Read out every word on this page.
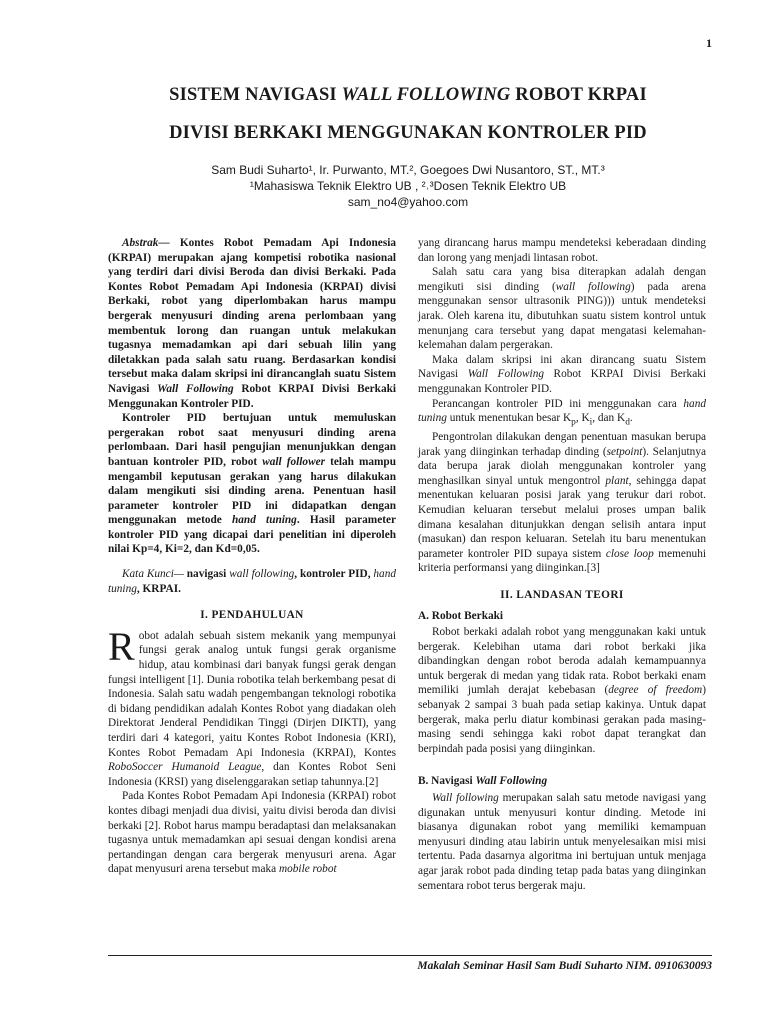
1
SISTEM NAVIGASI WALL FOLLOWING ROBOT KRPAI
DIVISI BERKAKI MENGGUNAKAN KONTROLER PID
Sam Budi Suharto¹, Ir. Purwanto, MT.², Goegoes Dwi Nusantoro, ST., MT.³
¹Mahasiswa Teknik Elektro UB , ²˒³Dosen Teknik Elektro UB
sam_no4@yahoo.com

Abstrak— Kontes Robot Pemadam Api Indonesia (KRPAI) merupakan ajang kompetisi robotika nasional yang terdiri dari divisi Beroda dan divisi Berkaki. Pada Kontes Robot Pemadam Api Indonesia (KRPAI) divisi Berkaki, robot yang diperlombakan harus mampu bergerak menyusuri dinding arena perlombaan yang membentuk lorong dan ruangan untuk melakukan tugasnya memadamkan api dari sebuah lilin yang diletakkan pada salah satu ruang. Berdasarkan kondisi tersebut maka dalam skripsi ini dirancanglah suatu Sistem Navigasi Wall Following Robot KRPAI Divisi Berkaki Menggunakan Kontroler PID.

Kontroler PID bertujuan untuk memuluskan pergerakan robot saat menyusuri dinding arena perlombaan. Dari hasil pengujian menunjukkan dengan bantuan kontroler PID, robot wall follower telah mampu mengambil keputusan gerakan yang harus dilakukan dalam mengikuti sisi dinding arena. Penentuan hasil parameter kontroler PID ini didapatkan dengan menggunakan metode hand tuning. Hasil parameter kontroler PID yang dicapai dari penelitian ini diperoleh nilai Kp=4, Ki=2, dan Kd=0,05.

Kata Kunci— navigasi wall following, kontroler PID, hand tuning, KRPAI.

I. PENDAHULUAN

Robot adalah sebuah sistem mekanik yang mempunyai fungsi gerak analog untuk fungsi gerak organisme hidup, atau kombinasi dari banyak fungsi gerak dengan fungsi intelligent [1]. Dunia robotika telah berkembang pesat di Indonesia. Salah satu wadah pengembangan teknologi robotika di bidang pendidikan adalah Kontes Robot yang diadakan oleh Direktorat Jenderal Pendidikan Tinggi (Dirjen DIKTI), yang terdiri dari 4 kategori, yaitu Kontes Robot Indonesia (KRI), Kontes Robot Pemadam Api Indonesia (KRPAI), Kontes RoboSoccer Humanoid League, dan Kontes Robot Seni Indonesia (KRSI) yang diselenggarakan setiap tahunnya.[2]

Pada Kontes Robot Pemadam Api Indonesia (KRPAI) robot kontes dibagi menjadi dua divisi, yaitu divisi beroda dan divisi berkaki [2]. Robot harus mampu beradaptasi dan melaksanakan tugasnya untuk memadamkan api sesuai dengan kondisi arena pertandingan dengan cara bergerak menyusuri arena. Agar dapat menyusuri arena tersebut maka mobile robot

yang dirancang harus mampu mendeteksi keberadaan dinding dan lorong yang menjadi lintasan robot.

Salah satu cara yang bisa diterapkan adalah dengan mengikuti sisi dinding (wall following) pada arena menggunakan sensor ultrasonik PING))) untuk mendeteksi jarak. Oleh karena itu, dibutuhkan suatu sistem kontrol untuk menunjang cara tersebut yang dapat mengatasi kelemahan-kelemahan dalam pergerakan.

Maka dalam skripsi ini akan dirancang suatu Sistem Navigasi Wall Following Robot KRPAI Divisi Berkaki menggunakan Kontroler PID.

Perancangan kontroler PID ini menggunakan cara hand tuning untuk menentukan besar $K_p$, $K_i$, dan $K_d$.

Pengontrolan dilakukan dengan penentuan masukan berupa jarak yang diinginkan terhadap dinding (setpoint). Selanjutnya data berupa jarak diolah menggunakan kontroler yang menghasilkan sinyal untuk mengontrol plant, sehingga dapat menentukan keluaran posisi jarak yang terukur dari robot. Kemudian keluaran tersebut melalui proses umpan balik dimana kesalahan ditunjukkan dengan selisih antara input (masukan) dan respon keluaran. Setelah itu baru menentukan parameter kontroler PID supaya sistem close loop memenuhi kriteria performansi yang diinginkan.[3]

II. LANDASAN TEORI
A. Robot Berkaki

Robot berkaki adalah robot yang menggunakan kaki untuk bergerak. Kelebihan utama dari robot berkaki jika dibandingkan dengan robot beroda adalah kemampuannya untuk bergerak di medan yang tidak rata. Robot berkaki enam memiliki jumlah derajat kebebasan (degree of freedom) sebanyak 2 sampai 3 buah pada setiap kakinya. Untuk dapat bergerak, maka perlu diatur kombinasi gerakan pada masing-masing sendi sehingga kaki robot dapat terangkat dan berpindah pada posisi yang diinginkan.

B. Navigasi Wall Following

Wall following merupakan salah satu metode navigasi yang digunakan untuk menyusuri kontur dinding. Metode ini biasanya digunakan robot yang memiliki kemampuan menyusuri dinding atau labirin untuk menyelesaikan misi misi tertentu. Pada dasarnya algoritma ini bertujuan untuk menjaga agar jarak robot pada dinding tetap pada batas yang diinginkan sementara robot terus bergerak maju.

Makalah Seminar Hasil Sam Budi Suharto NIM. 0910630093
